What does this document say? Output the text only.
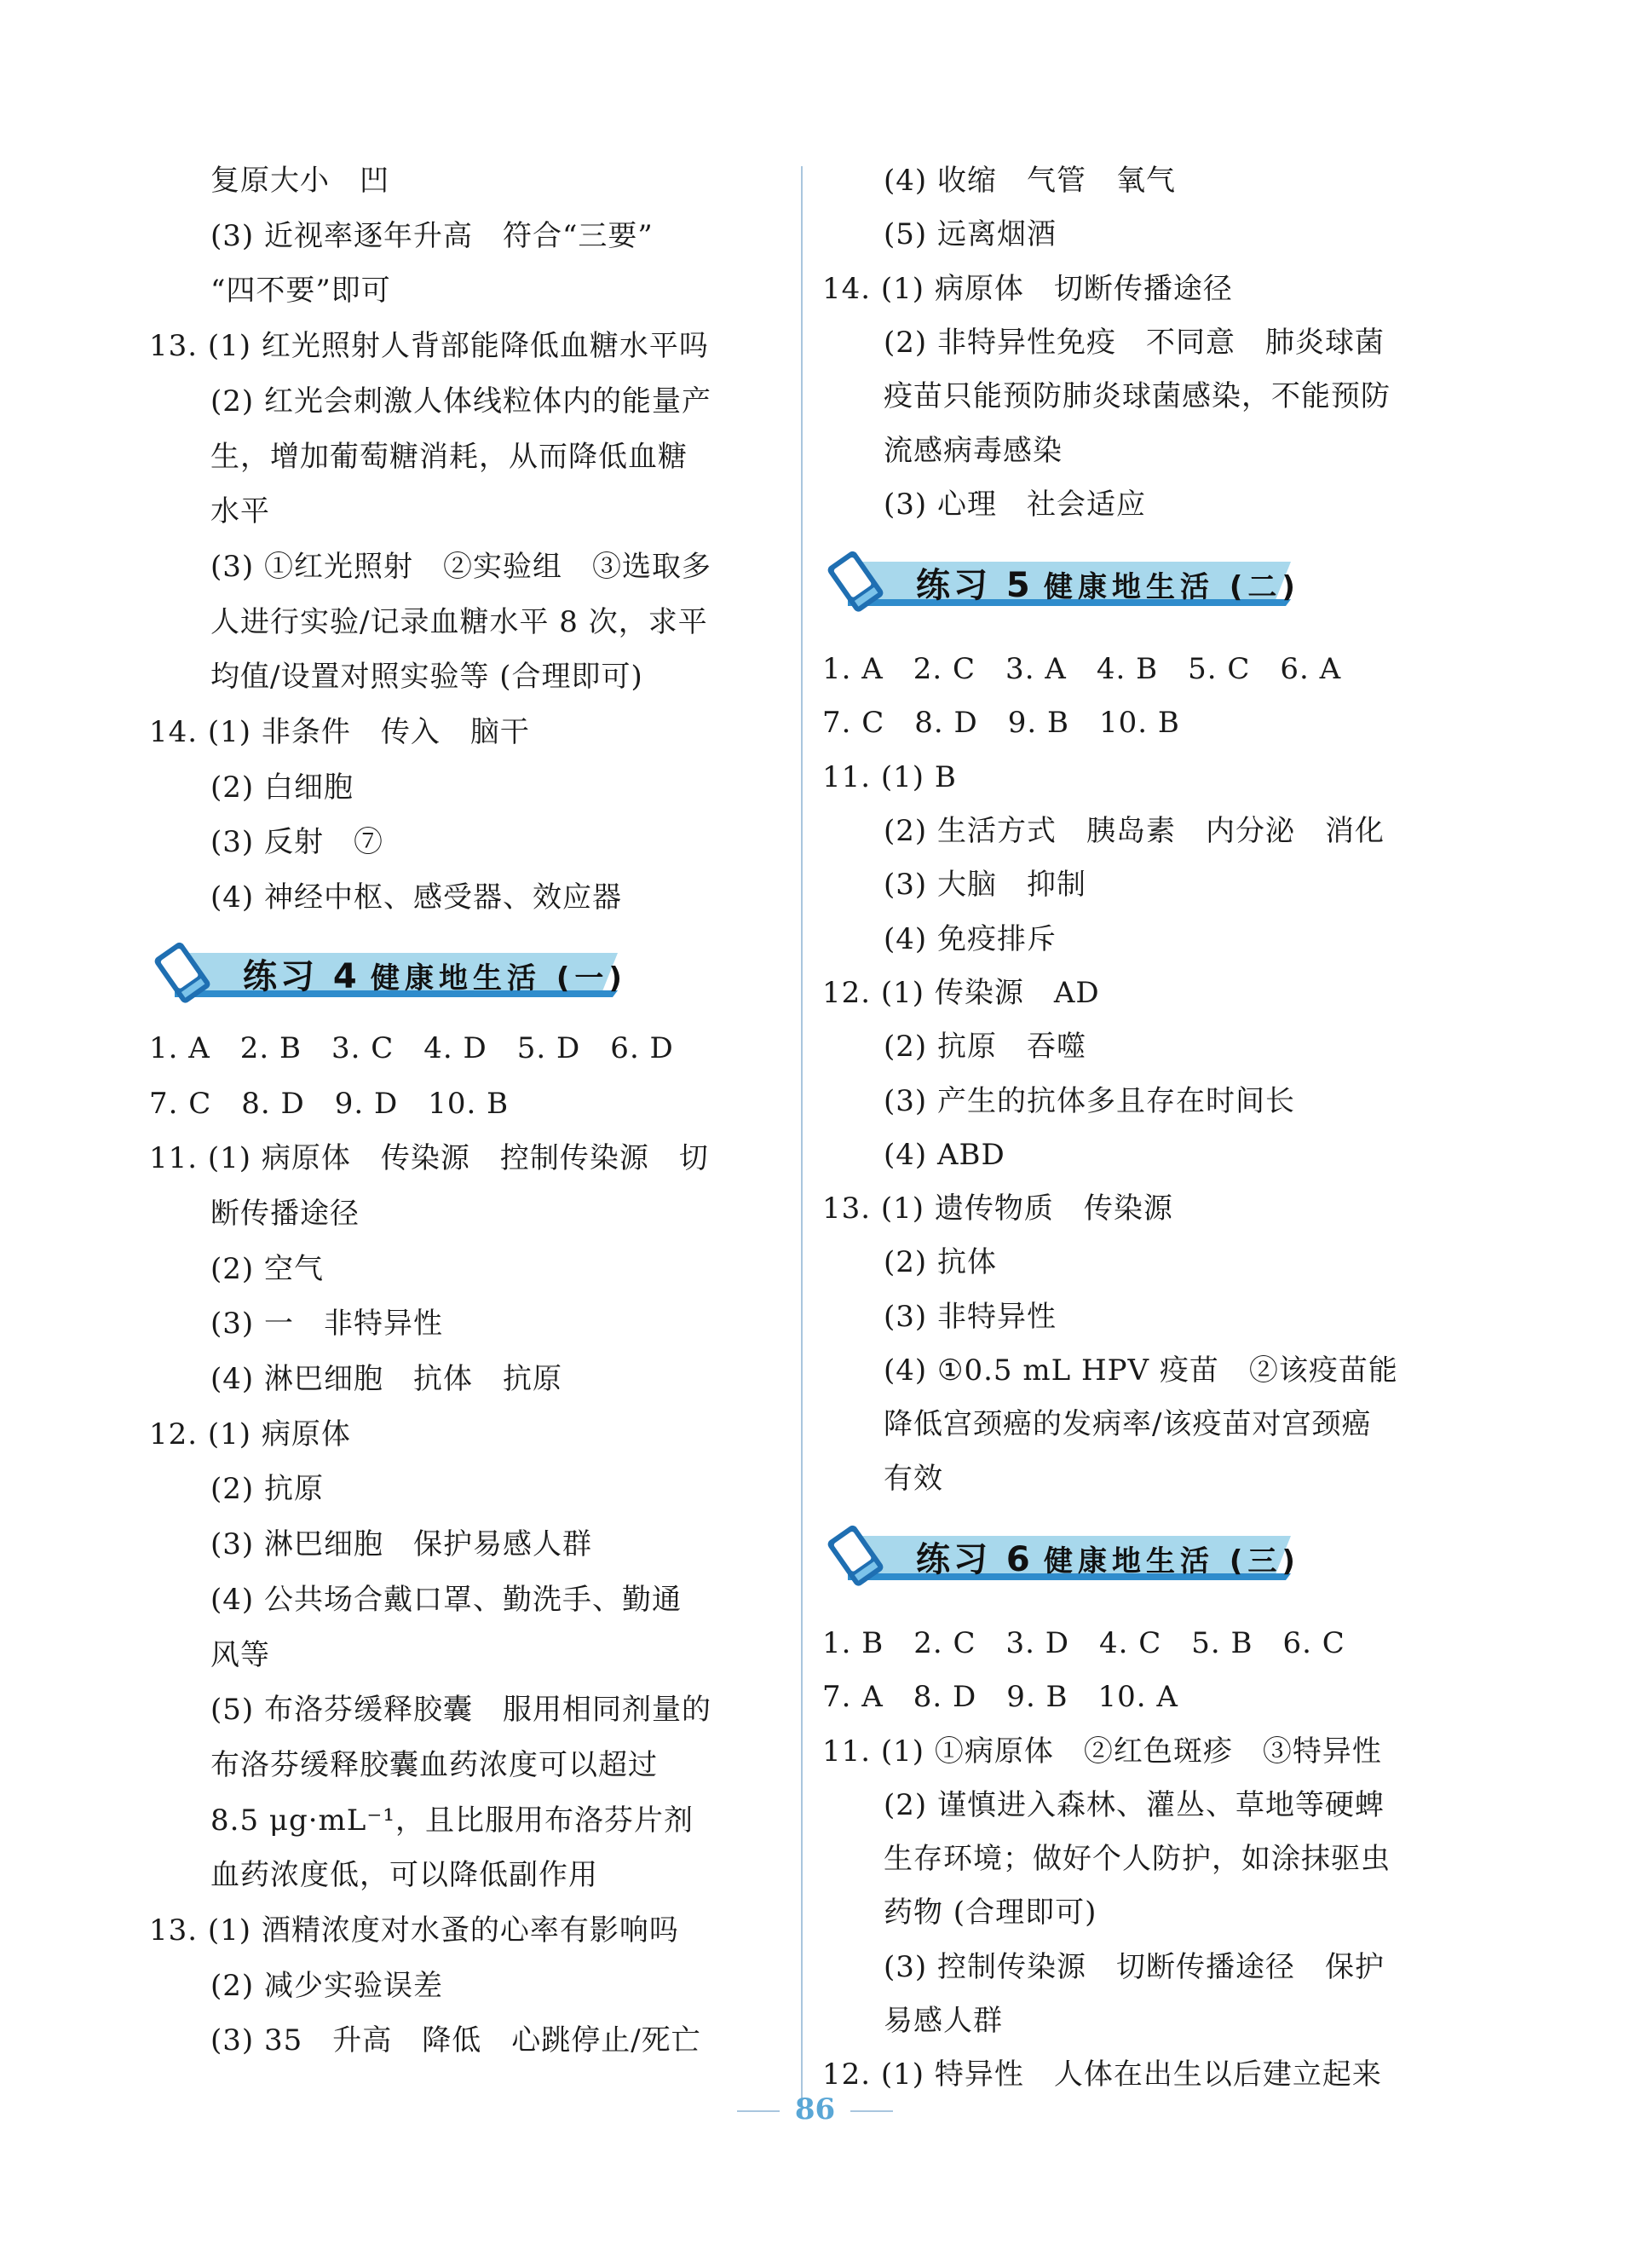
复原大小　凹
(3) 近视率逐年升高　符合“三要”
“四不要”即可
13. (1) 红光照射人背部能降低血糖水平吗
(2) 红光会刺激人体线粒体内的能量产
生，增加葡萄糖消耗，从而降低血糖
水平
(3) ①红光照射　②实验组　③选取多
人进行实验/记录血糖水平 8 次，求平
均值/设置对照实验等 (合理即可)
14. (1) 非条件　传入　脑干
(2) 白细胞
(3) 反射　⑦
(4) 神经中枢、感受器、效应器
练习 4 健康地生活 (一)
1. A　2. B　3. C　4. D　5. D　6. D
7. C　8. D　9. D　10. B
11. (1) 病原体　传染源　控制传染源　切
断传播途径
(2) 空气
(3) 一　非特异性
(4) 淋巴细胞　抗体　抗原
12. (1) 病原体
(2) 抗原
(3) 淋巴细胞　保护易感人群
(4) 公共场合戴口罩、勤洗手、勤通
风等
(5) 布洛芬缓释胶囊　服用相同剂量的
布洛芬缓释胶囊血药浓度可以超过
8.5 μg·mL⁻¹，且比服用布洛芬片剂
血药浓度低，可以降低副作用
13. (1) 酒精浓度对水蚤的心率有影响吗
(2) 减少实验误差
(3) 35　升高　降低　心跳停止/死亡
(4) 收缩　气管　氧气
(5) 远离烟酒
14. (1) 病原体　切断传播途径
(2) 非特异性免疫　不同意　肺炎球菌
疫苗只能预防肺炎球菌感染，不能预防
流感病毒感染
(3) 心理　社会适应
练习 5 健康地生活 (二)
1. A　2. C　3. A　4. B　5. C　6. A
7. C　8. D　9. B　10. B
11. (1) B
(2) 生活方式　胰岛素　内分泌　消化
(3) 大脑　抑制
(4) 免疫排斥
12. (1) 传染源　AD
(2) 抗原　吞噬
(3) 产生的抗体多且存在时间长
(4) ABD
13. (1) 遗传物质　传染源
(2) 抗体
(3) 非特异性
(4) ①0.5 mL HPV 疫苗　②该疫苗能
降低宫颈癌的发病率/该疫苗对宫颈癌
有效
练习 6 健康地生活 (三)
1. B　2. C　3. D　4. C　5. B　6. C
7. A　8. D　9. B　10. A
11. (1) ①病原体　②红色斑疹　③特异性
(2) 谨慎进入森林、灌丛、草地等硬蜱
生存环境；做好个人防护，如涂抹驱虫
药物 (合理即可)
(3) 控制传染源　切断传播途径　保护
易感人群
12. (1) 特异性　人体在出生以后建立起来
86
